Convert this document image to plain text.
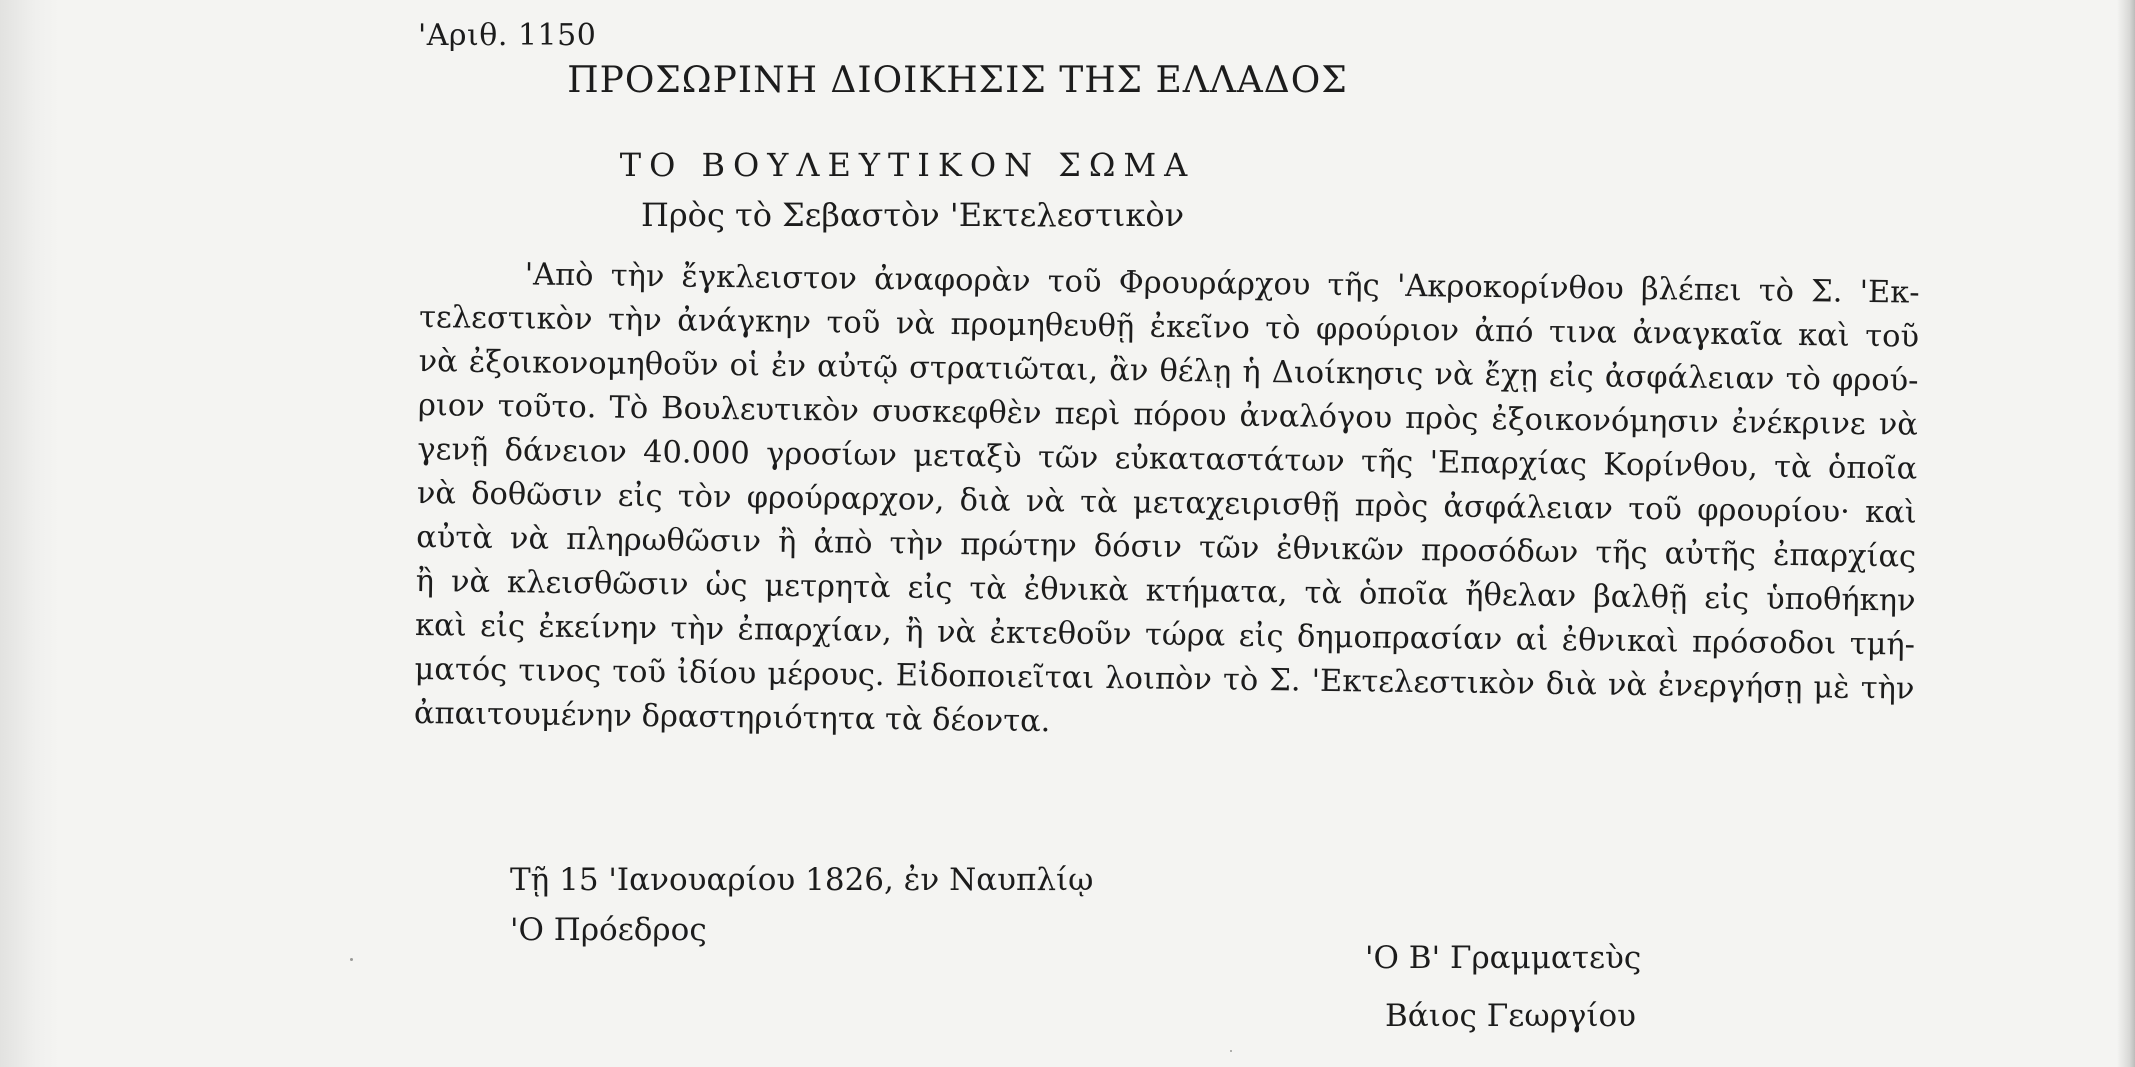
'Αριθ. 1150
ΠΡΟΣΩΡΙΝΗ ΔΙΟΙΚΗΣΙΣ ΤΗΣ ΕΛΛΑΔΟΣ
ΤΟ ΒΟΥΛΕΥΤΙΚΟΝ ΣΩΜΑ
Πρὸς τὸ Σεβαστὸν 'Εκτελεστικὸν
'Απὸ τὴν ἔγκλειστον ἀναφορὰν τοῦ Φρουράρχου τῆς 'Ακροκορίνθου βλέπει τὸ Σ. 'Εκ-
τελεστικὸν τὴν ἀνάγκην τοῦ νὰ προμηθευθῇ ἐκεῖνο τὸ φρούριον ἀπό τινα ἀναγκαῖα καὶ τοῦ
νὰ ἐξοικονομηθοῦν οἱ ἐν αὐτῷ στρατιῶται, ἂν θέλῃ ἡ Διοίκησις νὰ ἔχῃ εἰς ἀσφάλειαν τὸ φρού-
ριον τοῦτο. Τὸ Βουλευτικὸν συσκεφθὲν περὶ πόρου ἀναλόγου πρὸς ἐξοικονόμησιν ἐνέκρινε νὰ
γενῇ δάνειον 40.000 γροσίων μεταξὺ τῶν εὐκαταστάτων τῆς 'Επαρχίας Κορίνθου, τὰ ὁποῖα
νὰ δοθῶσιν εἰς τὸν φρούραρχον, διὰ νὰ τὰ μεταχειρισθῇ πρὸς ἀσφάλειαν τοῦ φρουρίου· καὶ
αὐτὰ νὰ πληρωθῶσιν ἢ ἀπὸ τὴν πρώτην δόσιν τῶν ἐθνικῶν προσόδων τῆς αὐτῆς ἐπαρχίας
ἢ νὰ κλεισθῶσιν ὡς μετρητὰ εἰς τὰ ἐθνικὰ κτήματα, τὰ ὁποῖα ἤθελαν βαλθῇ εἰς ὑποθήκην
καὶ εἰς ἐκείνην τὴν ἐπαρχίαν, ἢ νὰ ἐκτεθοῦν τώρα εἰς δημοπρασίαν αἱ ἐθνικαὶ πρόσοδοι τμή-
ματός τινος τοῦ ἰδίου μέρους. Εἰδοποιεῖται λοιπὸν τὸ Σ. 'Εκτελεστικὸν διὰ νὰ ἐνεργήσῃ μὲ τὴν
ἀπαιτουμένην δραστηριότητα τὰ δέοντα.
Τῇ 15 'Ιανουαρίου 1826, ἐν Ναυπλίῳ
'Ο Πρόεδρος
'Ο Β' Γραμματεὺς
Βάιος Γεωργίου
